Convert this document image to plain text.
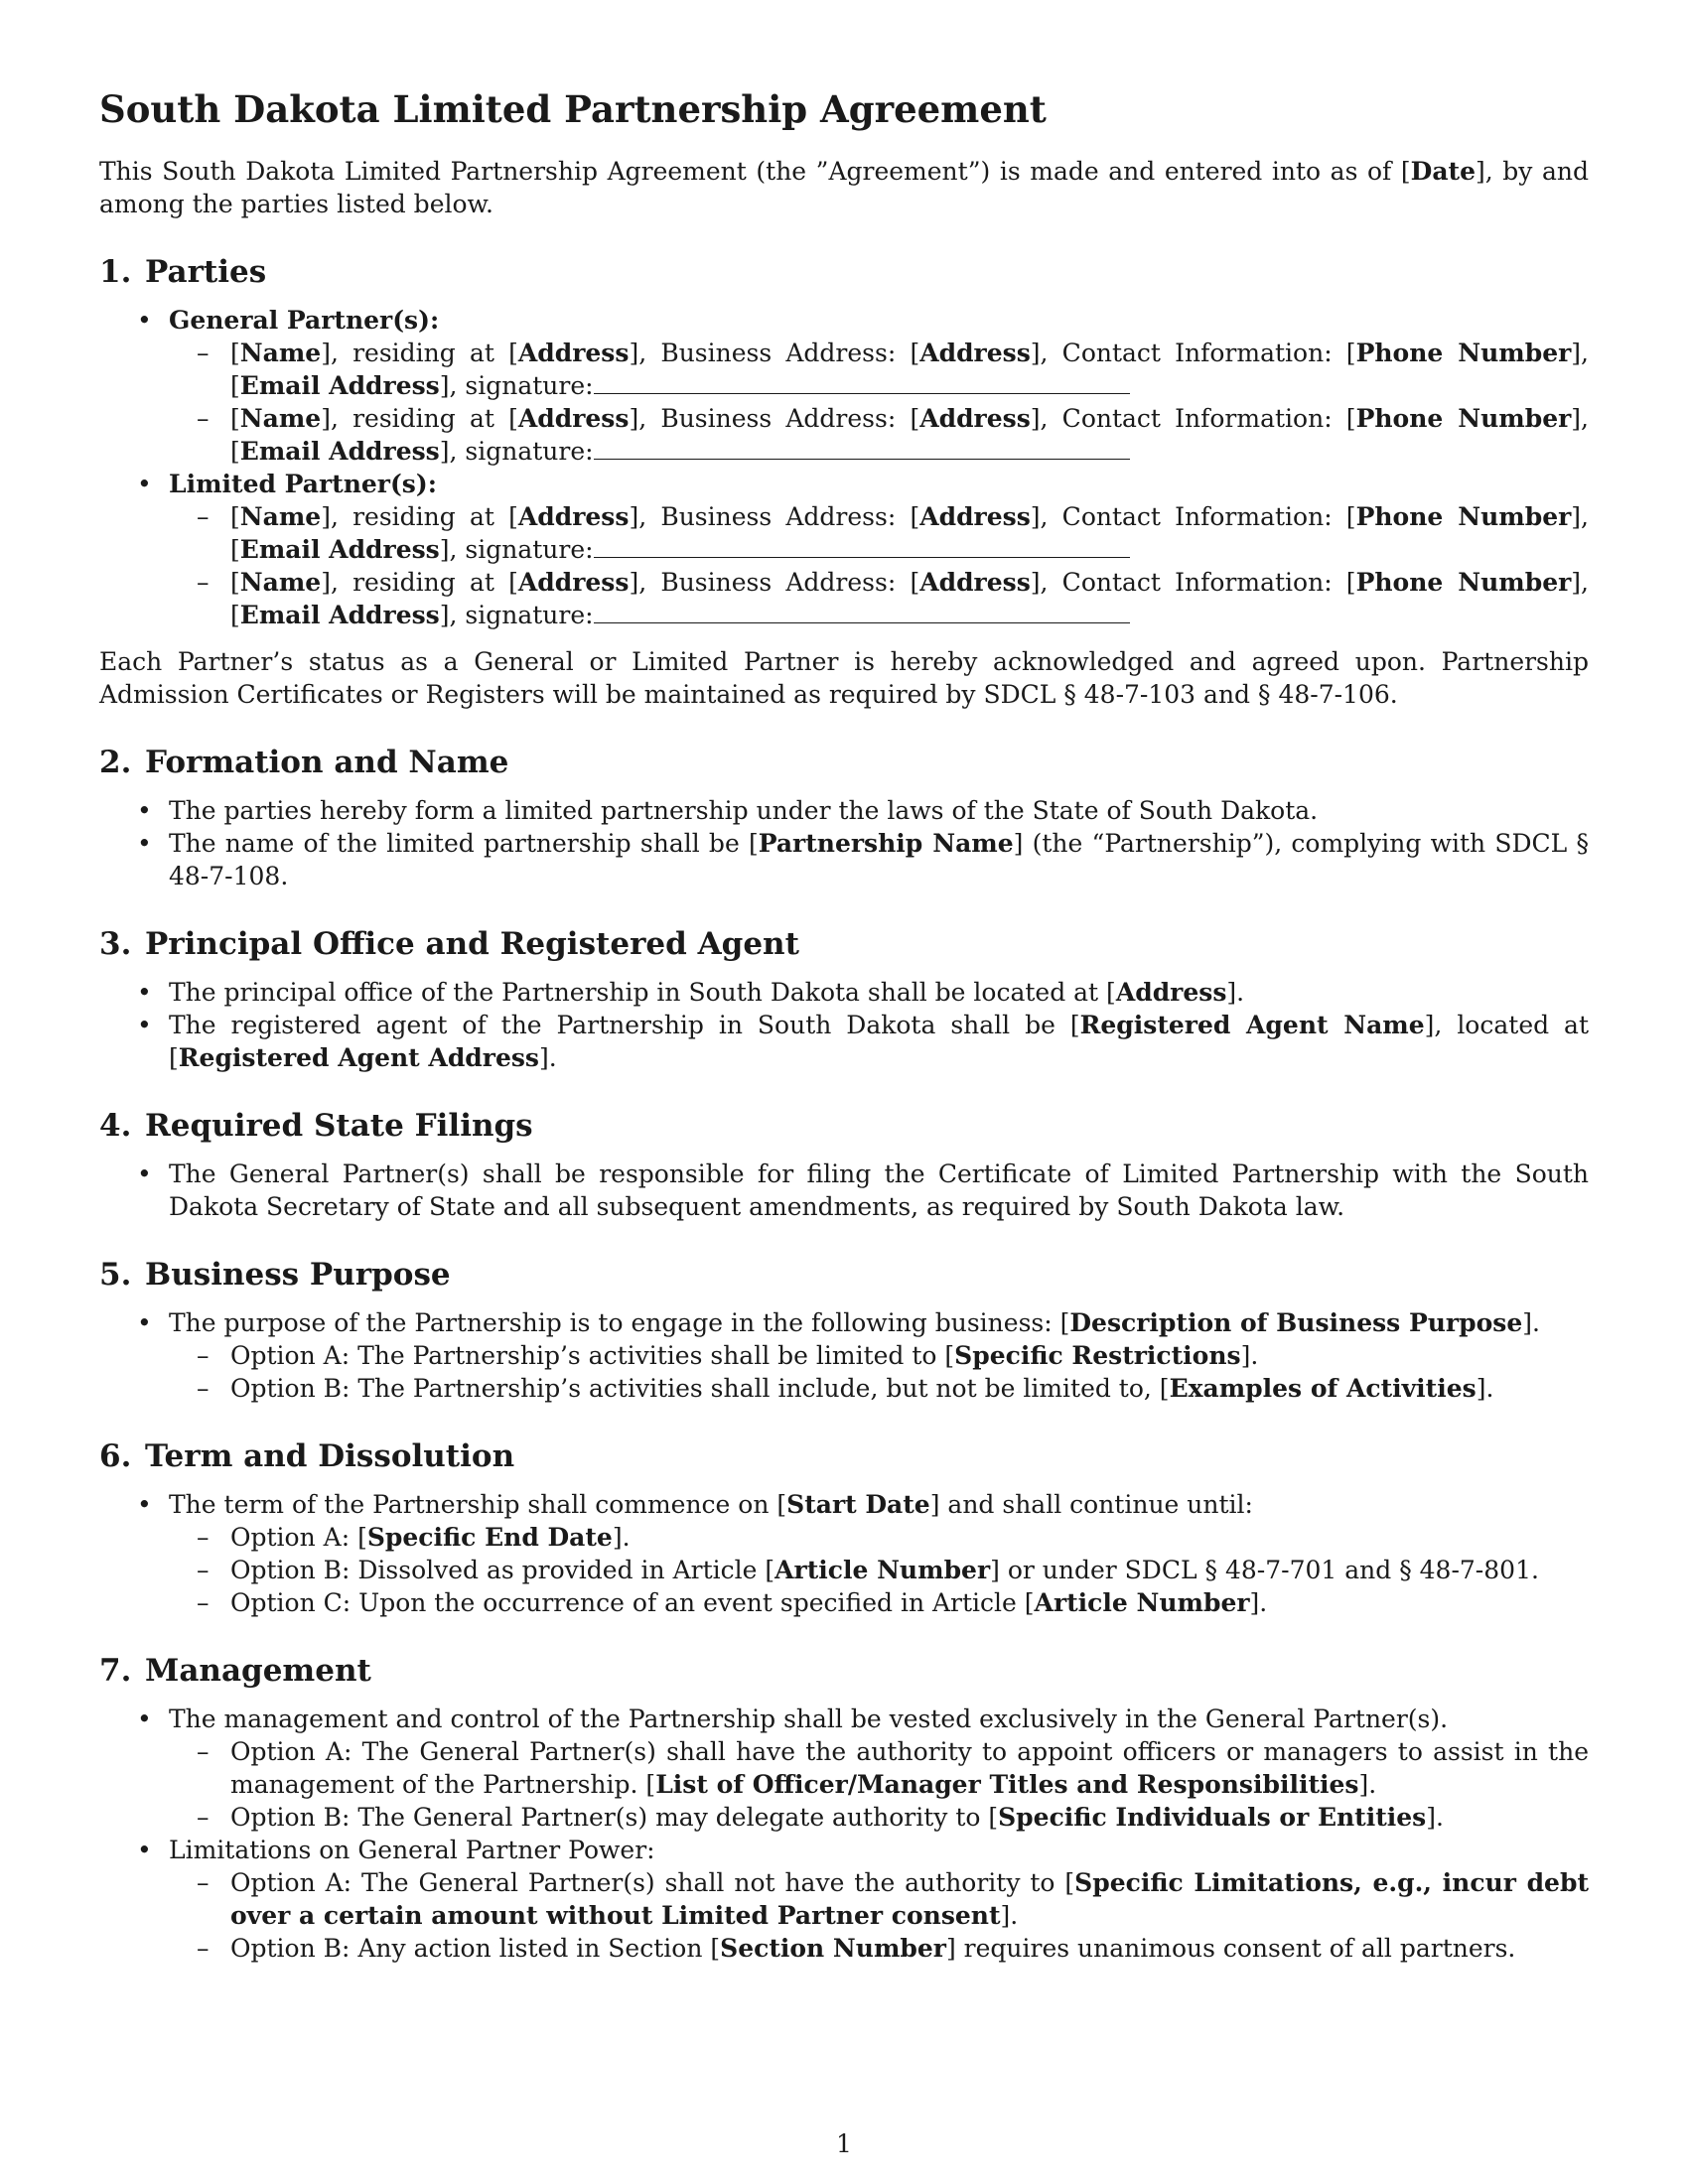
South Dakota Limited Partnership Agreement

This South Dakota Limited Partnership Agreement (the ”Agreement”) is made and entered into as of [Date], by and among the parties listed below.

1. Parties
• General Partner(s):
– [Name], residing at [Address], Business Address: [Address], Contact Information: [Phone Number], [Email Address], signature:
– [Name], residing at [Address], Business Address: [Address], Contact Information: [Phone Number], [Email Address], signature:
• Limited Partner(s):
– [Name], residing at [Address], Business Address: [Address], Contact Information: [Phone Number], [Email Address], signature:
– [Name], residing at [Address], Business Address: [Address], Contact Information: [Phone Number], [Email Address], signature:

Each Partner’s status as a General or Limited Partner is hereby acknowledged and agreed upon. Partnership Admission Certificates or Registers will be maintained as required by SDCL § 48-7-103 and § 48-7-106.

2. Formation and Name
• The parties hereby form a limited partnership under the laws of the State of South Dakota.
• The name of the limited partnership shall be [Partnership Name] (the “Partnership”), complying with SDCL § 48-7-108.
3. Principal Office and Registered Agent
• The principal office of the Partnership in South Dakota shall be located at [Address].
• The registered agent of the Partnership in South Dakota shall be [Registered Agent Name], located at [Registered Agent Address].
4. Required State Filings
• The General Partner(s) shall be responsible for filing the Certificate of Limited Partnership with the South Dakota Secretary of State and all subsequent amendments, as required by South Dakota law.
5. Business Purpose
• The purpose of the Partnership is to engage in the following business: [Description of Business Purpose].
– Option A: The Partnership’s activities shall be limited to [Specific Restrictions].
– Option B: The Partnership’s activities shall include, but not be limited to, [Examples of Activities].
6. Term and Dissolution
• The term of the Partnership shall commence on [Start Date] and shall continue until:
– Option A: [Specific End Date].
– Option B: Dissolved as provided in Article [Article Number] or under SDCL § 48-7-701 and § 48-7-801.
– Option C: Upon the occurrence of an event specified in Article [Article Number].
7. Management
• The management and control of the Partnership shall be vested exclusively in the General Partner(s).
– Option A: The General Partner(s) shall have the authority to appoint officers or managers to assist in the management of the Partnership. [List of Officer/Manager Titles and Responsibilities].
– Option B: The General Partner(s) may delegate authority to [Specific Individuals or Entities].
• Limitations on General Partner Power:
– Option A: The General Partner(s) shall not have the authority to [Specific Limitations, e.g., incur debt over a certain amount without Limited Partner consent].
– Option B: Any action listed in Section [Section Number] requires unanimous consent of all partners.
1
